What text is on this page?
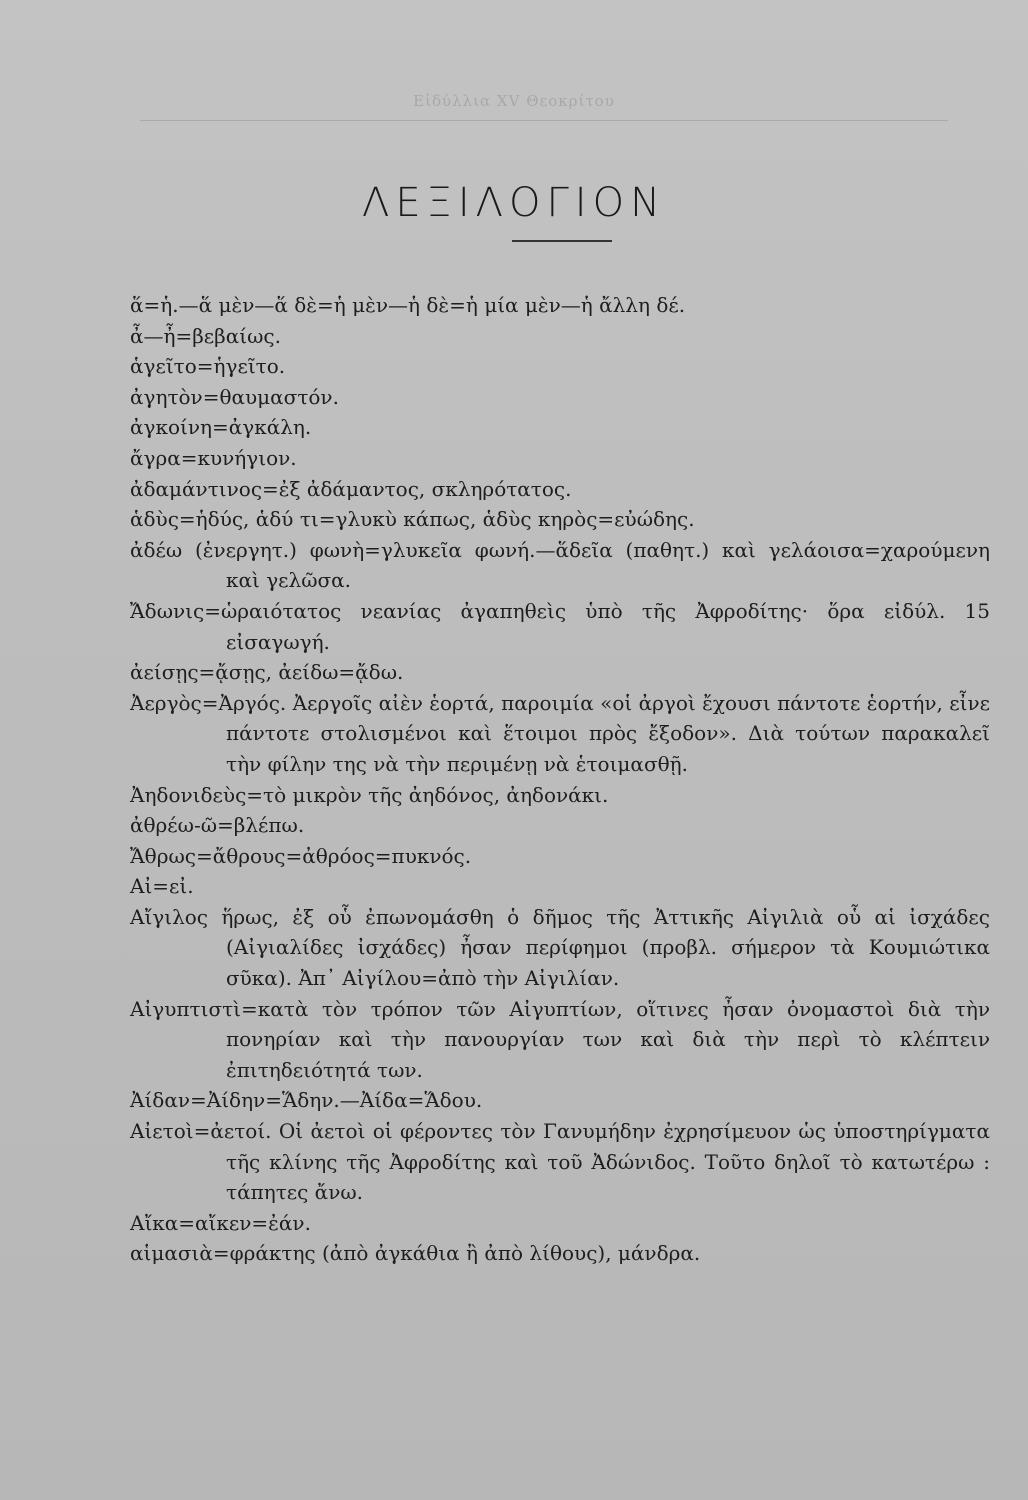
Εἰδύλλια ΧV Θεοκρίτου
ΛΕΞΙΛΟΓΙΟΝ
ἅ=ἡ.—ἅ μὲν—ἅ δὲ=ἡ μὲν—ἡ δὲ=ἡ μία μὲν—ἡ ἄλλη δέ.
ἆ—ἦ=βεβαίως.
ἁγεῖτο=ἡγεῖτο.
ἀγητὸν=θαυμαστόν.
ἀγκοίνη=ἀγκάλη.
ἄγρα=κυνήγιον.
ἀδαμάντινος=ἐξ ἀδάμαντος, σκληρότατος.
ἁδὺς=ἡδύς, ἁδύ τι=γλυκὺ κάπως, ἁδὺς κηρὸς=εὐώδης.
ἀδέω (ἐνεργητ.) φωνὴ=γλυκεῖα φωνή.—ἅδεῖα (παθητ.) καὶ γελάοισα=χαρούμενη καὶ γελῶσα.
Ἄδωνις=ὡραιότατος νεανίας ἀγαπηθεὶς ὑπὸ τῆς Ἀφροδίτης· ὅρα εἰδύλ. 15 εἰσαγωγή.
ἀείσῃς=ᾄσῃς, ἀείδω=ᾄδω.
Ἀεργὸς=Ἀργός. Ἀεργοῖς αἰὲν ἑορτά, παροιμία «οἱ ἀργοὶ ἔχουσι πάντοτε ἑορτήν, εἶνε πάντοτε στολισμένοι καὶ ἕτοιμοι πρὸς ἔξοδον». Διὰ τούτων παρακαλεῖ τὴν φίλην της νὰ τὴν περιμένῃ νὰ ἑτοιμασθῇ.
Ἀηδονιδεὺς=τὸ μικρὸν τῆς ἀηδόνος, ἀηδονάκι.
ἀθρέω-ῶ=βλέπω.
Ἄθρως=ἄθρους=ἀθρόος=πυκνός.
Αἰ=εἰ.
Αἴγιλος ἥρως, ἐξ οὗ ἐπωνομάσθη ὁ δῆμος τῆς Ἀττικῆς Αἰγιλιὰ οὗ αἱ ἰσχάδες (Αἰγιαλίδες ἰσχάδες) ἦσαν περίφημοι (προβλ. σήμερον τὰ Κουμιώτικα σῦκα). Ἀπ᾽ Αἰγίλου=ἀπὸ τὴν Αἰγιλίαν.
Αἰγυπτιστὶ=κατὰ τὸν τρόπον τῶν Αἰγυπτίων, οἵτινες ἦσαν ὀνομαστοὶ διὰ τὴν πονηρίαν καὶ τὴν πανουργίαν των καὶ διὰ τὴν περὶ τὸ κλέπτειν ἐπιτηδειότητά των.
Ἀίδαν=Ἀίδην=Ἅδην.—Ἀίδα=Ἅδου.
Αἰετοὶ=ἀετοί. Οἱ ἀετοὶ οἱ φέροντες τὸν Γανυμήδην ἐχρησίμευον ὡς ὑποστηρίγματα τῆς κλίνης τῆς Ἀφροδίτης καὶ τοῦ Ἀδώνιδος. Τοῦτο δηλοῖ τὸ κατωτέρω : τάπητες ἄνω.
Αἴκα=αἴκεν=ἐάν.
αἱμασιὰ=φράκτης (ἀπὸ ἀγκάθια ἢ ἀπὸ λίθους), μάνδρα.
